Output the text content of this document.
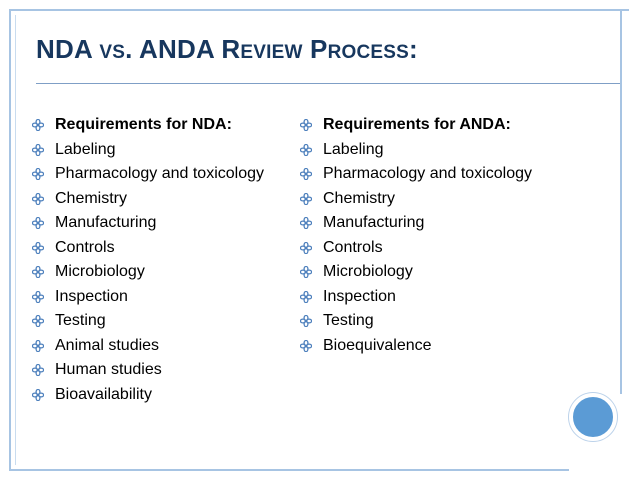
NDA VS. ANDA REVIEW PROCESS:
Requirements for NDA:
Labeling
Pharmacology and toxicology
Chemistry
Manufacturing
Controls
Microbiology
Inspection
Testing
Animal studies
Human studies
Bioavailability
Requirements for ANDA:
Labeling
Pharmacology and toxicology
Chemistry
Manufacturing
Controls
Microbiology
Inspection
Testing
Bioequivalence
